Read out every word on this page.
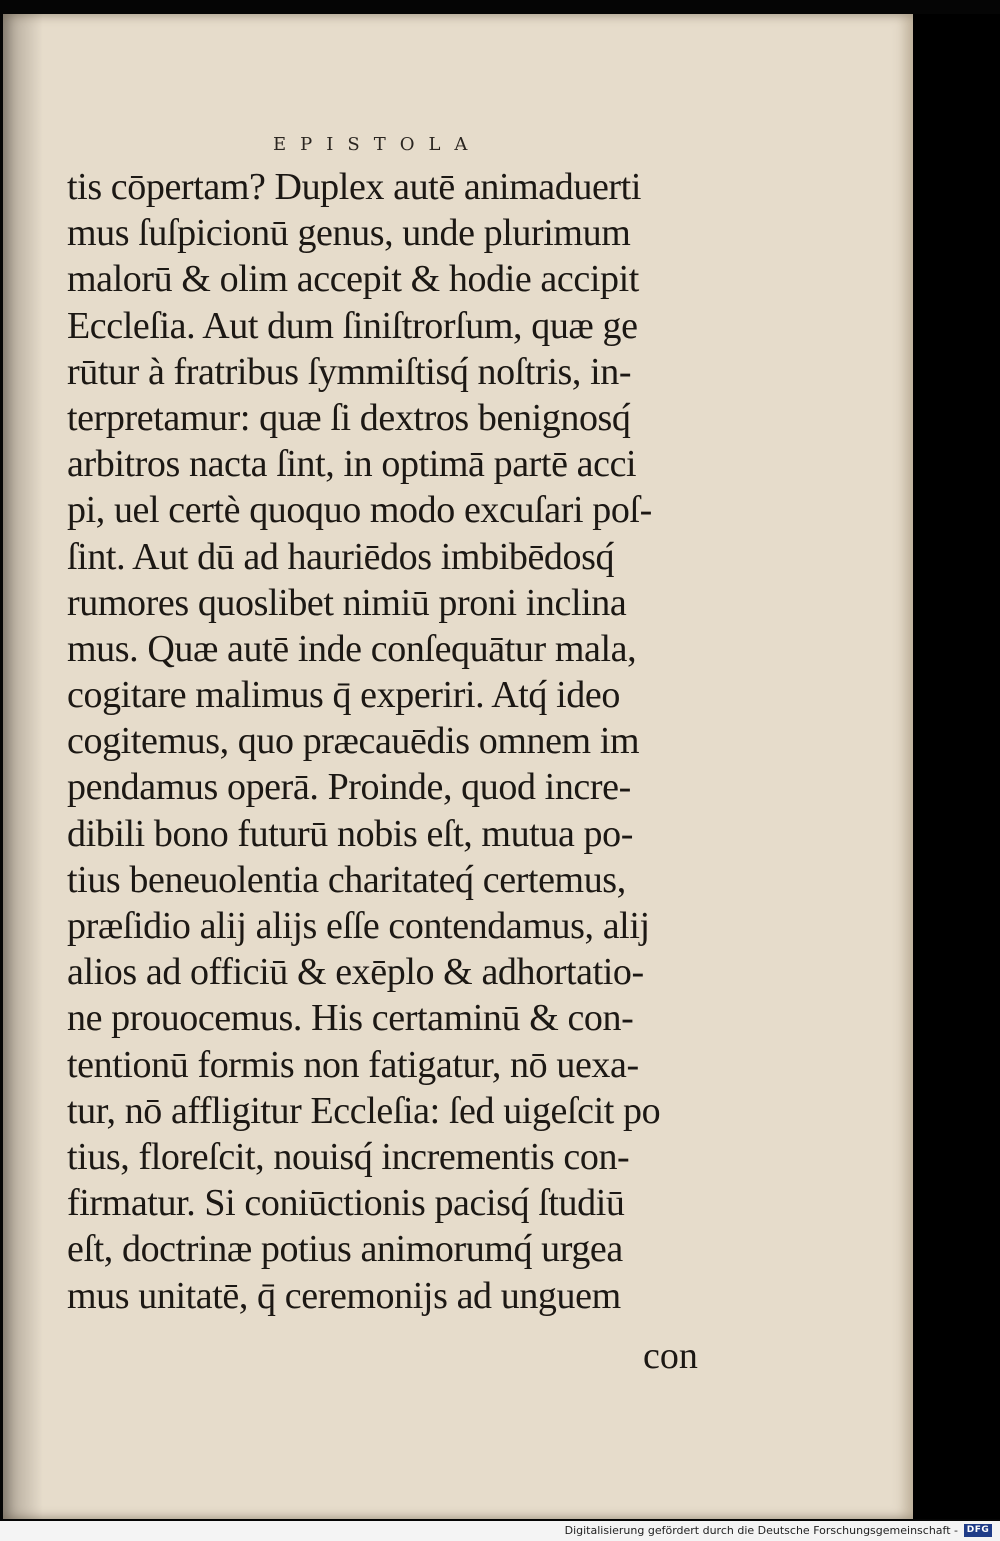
EPISTOLA
tis cōpertam? Duplex autē animaduerti
mus ſuſpicionū genus, unde plurimum
malorū & olim accepit & hodie accipit
Eccleſia. Aut dum ſiniſtrorſum, quæ ge
rūtur à fratribus ſymmiſtisq́ noſtris, in-
terpretamur: quæ ſi dextros benignosq́
arbitros nacta ſint, in optimā partē acci
pi, uel certè quoquo modo excuſari poſ-
ſint. Aut dū ad hauriēdos imbibēdosq́
rumores quoslibet nimiū proni inclina
mus. Quæ autē inde conſequātur mala,
cogitare malimus q̄ experiri. Atq́ ideo
cogitemus, quo præcauēdis omnem im
pendamus operā. Proinde, quod incre-
dibili bono futurū nobis eſt, mutua po-
tius beneuolentia charitateq́ certemus,
præſidio alij alijs eſſe contendamus, alij
alios ad officiū & exēplo & adhortatio-
ne prouocemus. His certaminū & con-
tentionū formis non fatigatur, nō uexa-
tur, nō affligitur Eccleſia: ſed uigeſcit po
tius, floreſcit, nouisq́ incrementis con-
firmatur. Si coniūctionis pacisq́ ſtudiū
eſt, doctrinæ potius animorumq́ urgea
mus unitatē, q̄ ceremonijs ad unguem
con
Digitalisierung gefördert durch die Deutsche Forschungsgemeinschaft - DFG
